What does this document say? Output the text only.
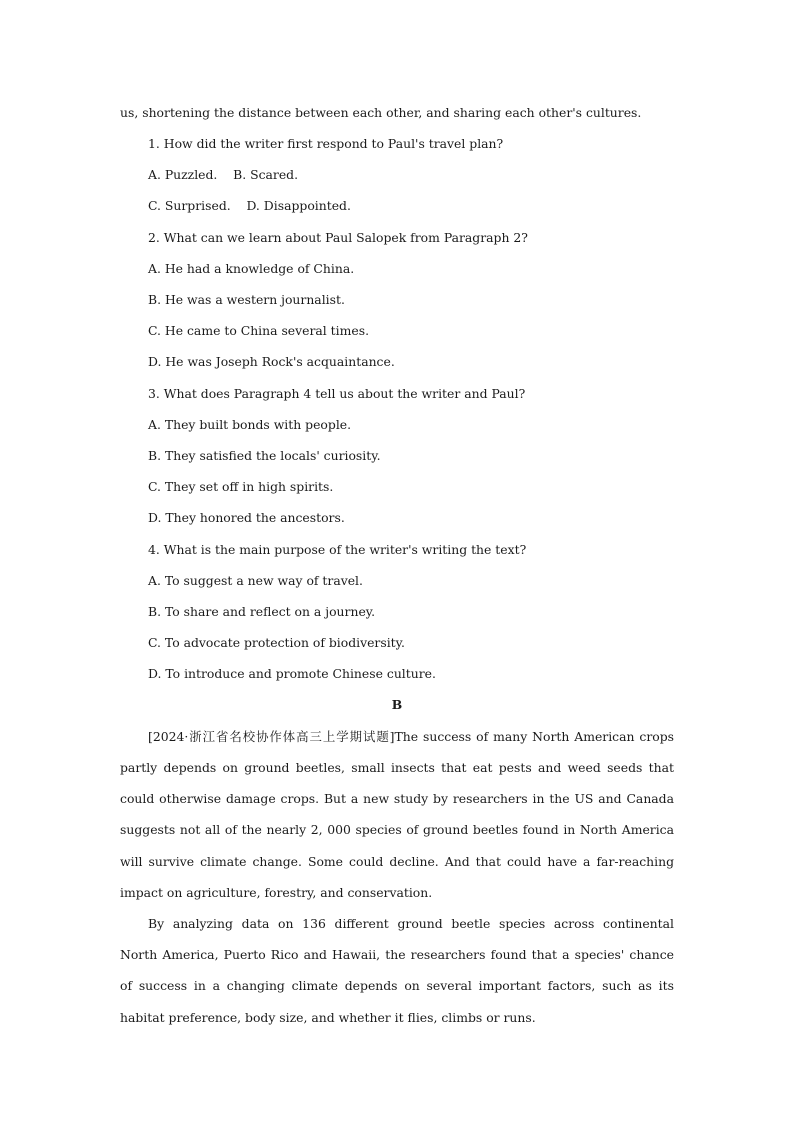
us, shortening the distance between each other, and sharing each other's cultures.
1. How did the writer first respond to Paul's travel plan?
A. Puzzled.    B. Scared.
C. Surprised.    D. Disappointed.
2. What can we learn about Paul Salopek from Paragraph 2?
A. He had a knowledge of China.
B. He was a western journalist.
C. He came to China several times.
D. He was Joseph Rock's acquaintance.
3. What does Paragraph 4 tell us about the writer and Paul?
A. They built bonds with people.
B. They satisfied the locals' curiosity.
C. They set off in high spirits.
D. They honored the ancestors.
4. What is the main purpose of the writer's writing the text?
A. To suggest a new way of travel.
B. To share and reflect on a journey.
C. To advocate protection of biodiversity.
D. To introduce and promote Chinese culture.
B
[2024·浙江省名校协作体高三上学期试题]The success of many North American crops
partly depends on ground beetles, small insects that eat pests and weed seeds that
could otherwise damage crops. But a new study by researchers in the US and Canada
suggests not all of the nearly 2, 000 species of ground beetles found in North America
will survive climate change. Some could decline. And that could have a far-reaching
impact on agriculture, forestry, and conservation.
By analyzing data on 136 different ground beetle species across continental
North America, Puerto Rico and Hawaii, the researchers found that a species' chance
of success in a changing climate depends on several important factors, such as its
habitat preference, body size, and whether it flies, climbs or runs.
